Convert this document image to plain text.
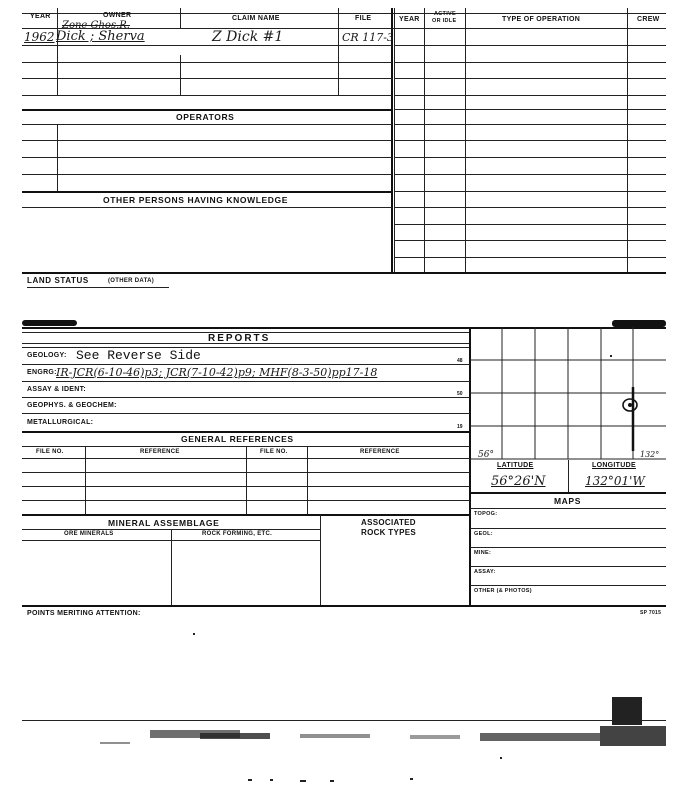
YEAR	OWNER	CLAIM NAME	FILE	YEAR
ACTIVE
OR IDLE	TYPE OF OPERATION	CREW
Zone Ghos.R.
1962 Dick ; Sherva	Z Dick #1	CR 117-3
OPERATORS
OTHER PERSONS HAVING KNOWLEDGE
LAND STATUS	(OTHER DATA)
REPORTS
GEOLOGY: See Reverse Side	48
ENGRG: IR-JCR(6-10-46)p3; JCR(7-10-42)p9; MHF(8-3-50)pp17-18
ASSAY & IDENT:
50
GEOPHYS. & GEOCHEM:
METALLURGICAL:
19
GENERAL REFERENCES
FILE NO.	REFERENCE	FILE NO.	REFERENCE
MINERAL ASSEMBLAGE	ASSOCIATED
ROCK TYPES
ORE MINERALS	ROCK FORMING, ETC.
56°	132°
LATITUDE	LONGITUDE
56°26'N	132°01'W
MAPS
TOPOG:
GEOL:
MINE:
ASSAY:
OTHER (& PHOTOS)
POINTS MERITING ATTENTION:	SP 7015
